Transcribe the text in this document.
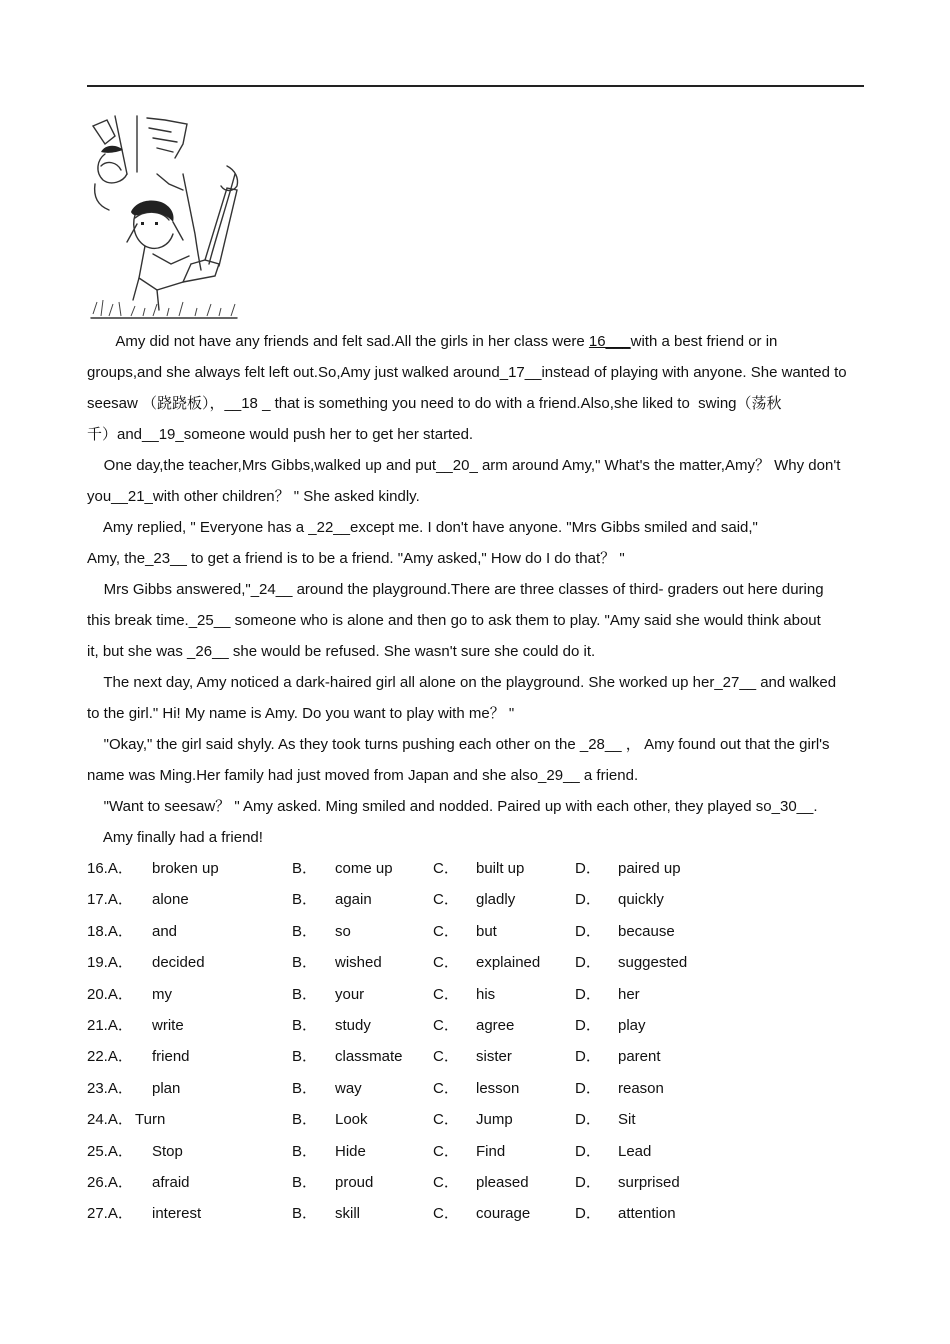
Amy did not have any friends and felt sad.All the girls in her class were 16___with a best friend or in
groups,and she always felt left out.So,Amy just walked around_17__instead of playing with anyone. She wanted to
seesaw （跷跷板），__18 _ that is something you need to do with a friend.Also,she liked to  swing（荡秋
千）and__19_someone would push her to get her started.
One day,the teacher,Mrs Gibbs,walked up and put__20_ arm around Amy," What's the matter,Amy？ Why don't
you__21_with other children？ " She asked kindly.
Amy replied, " Everyone has a _22__except me. I don't have anyone. "Mrs Gibbs smiled and said,"
Amy, the_23__ to get a friend is to be a friend. "Amy asked," How do I do that？ "
Mrs Gibbs answered,"_24__ around the playground.There are three classes of third- graders out here during
this break time._25__ someone who is alone and then go to ask them to play. "Amy said she would think about
it, but she was _26__ she would be refused. She wasn't sure she could do it.
The next day, Amy noticed a dark-haired girl all alone on the playground. She worked up her_27__ and walked
to the girl." Hi! My name is Amy. Do you want to play with me？ "
"Okay," the girl said shyly. As they took turns pushing each other on the _28__ ， Amy found out that the girl's
name was Ming.Her family had just moved from Japan and she also_29__ a friend.
"Want to seesaw？ " Amy asked. Ming smiled and nodded. Paired up with each other, they played so_30__.
Amy finally had a friend!
16.A． broken up	B． come up	C． built up	D． paired up
17.A． alone	B． again	C． gladly	D． quickly
18.A． and	B． so	C． but	D． because
19.A． decided	B． wished	C． explained D． suggested
20.A． my	B． your	C． his	D． her
21.A． write	B． study	C． agree	D． play
22.A． friend	B． classmate C． sister	D． parent
23.A． plan	B． way	C． lesson	D． reason
24.A． Turn	B． Look	C． Jump	D． Sit
25.A． Stop	B． Hide	C． Find	D． Lead
26.A． afraid	B． proud	C． pleased	D． surprised
27.A． interest	B． skill	C． courage	D． attention
